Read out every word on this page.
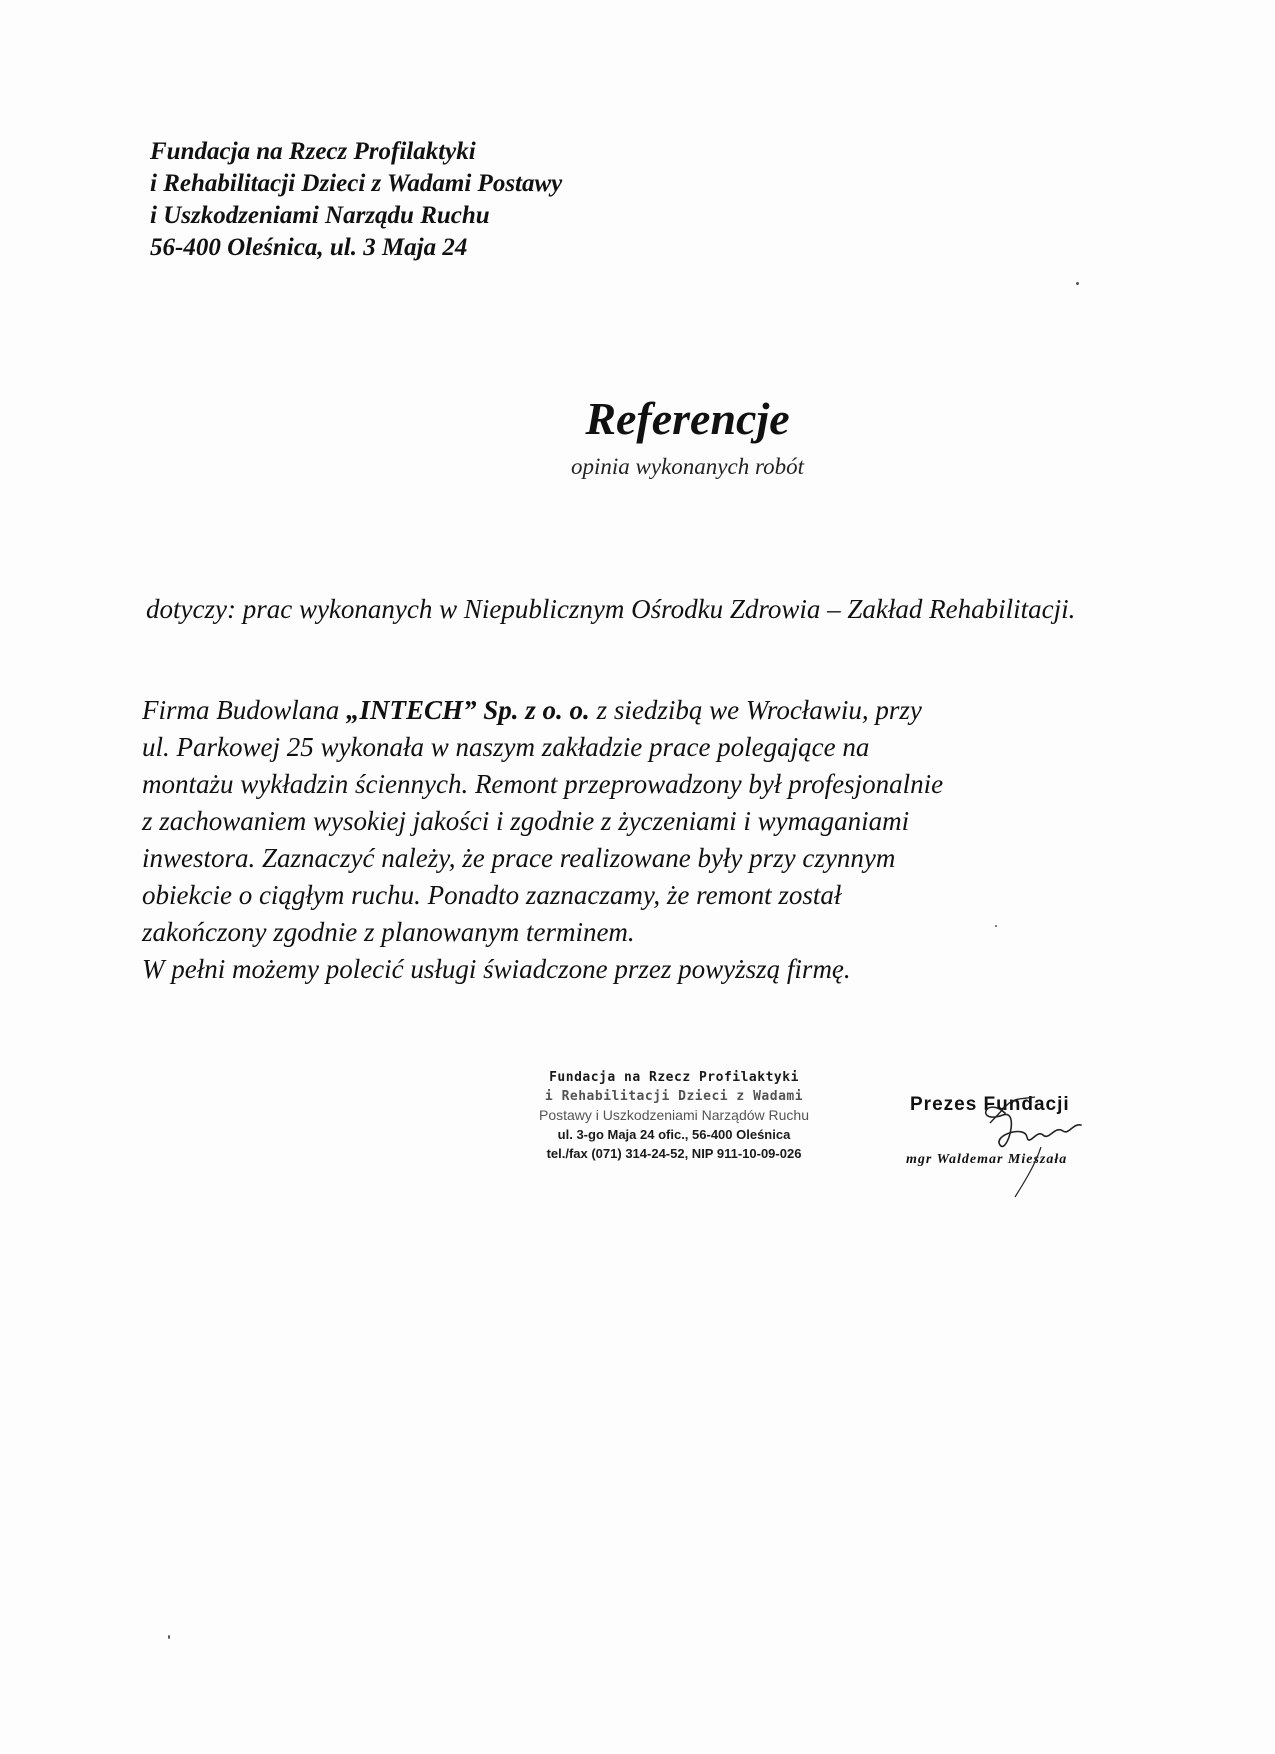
Fundacja na Rzecz Profilaktyki
i Rehabilitacji Dzieci z Wadami Postawy
i Uszkodzeniami Narządu Ruchu
56-400 Oleśnica, ul. 3 Maja 24
Referencje
opinia wykonanych robót
dotyczy: prac wykonanych w Niepublicznym Ośrodku Zdrowia – Zakład Rehabilitacji.
Firma Budowlana „INTECH” Sp. z o. o. z siedzibą we Wrocławiu, przy
ul. Parkowej 25 wykonała w naszym zakładzie prace polegające na
montażu wykładzin ściennych. Remont przeprowadzony był profesjonalnie
z zachowaniem wysokiej jakości i zgodnie z życzeniami i wymaganiami
inwestora. Zaznaczyć należy, że prace realizowane były przy czynnym
obiekcie o ciągłym ruchu. Ponadto zaznaczamy, że remont został
zakończony zgodnie z planowanym terminem.
W pełni możemy polecić usługi świadczone przez powyższą firmę.
Fundacja na Rzecz Profilaktyki
i Rehabilitacji Dzieci z Wadami
Postawy i Uszkodzeniami Narządów Ruchu
ul. 3-go Maja 24 ofic., 56-400 Oleśnica
tel./fax (071) 314-24-52, NIP 911-10-09-026
Prezes Fundacji
mgr Waldemar Mieszała
